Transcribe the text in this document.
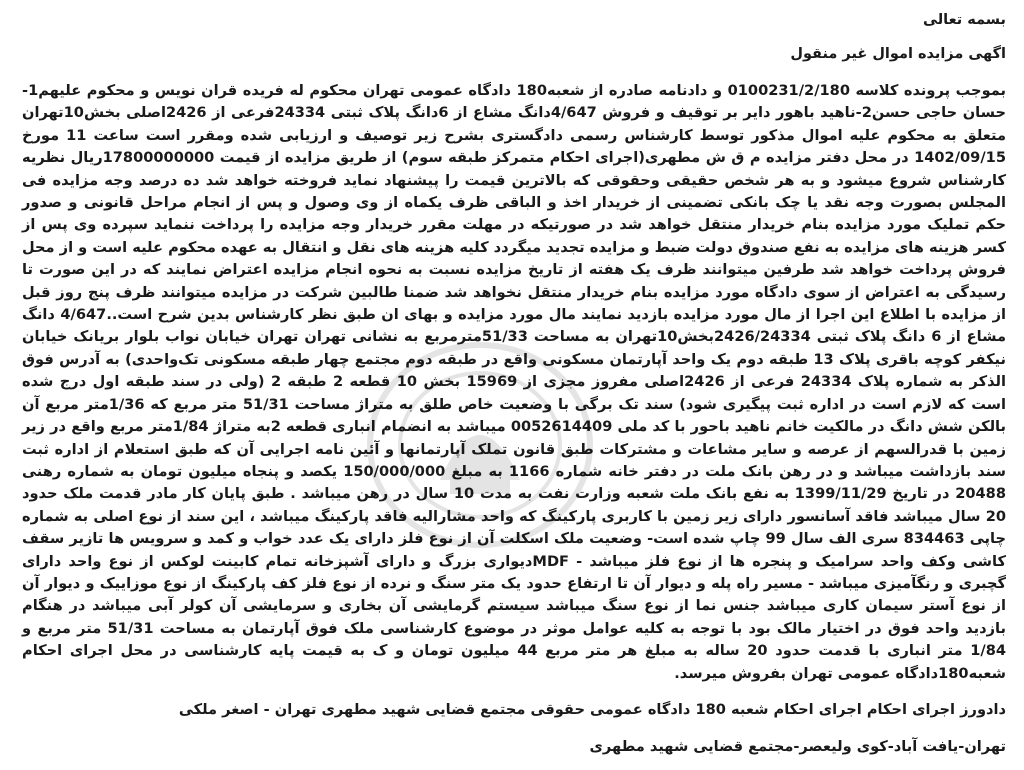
بسمه تعالی

اگهی مزایده اموال غیر منقول

بموجب پرونده کلاسه 0100231/2/180 و دادنامه صادره از شعبه180 دادگاه عمومی تهران محکوم له فریده قران نویس و محکوم علیهم1-حسان حاجی حسن2-ناهید باهور دایر بر توقیف و فروش 4/647دانگ مشاع از 6دانگ پلاک ثبتی 24334فرعی از 2426اصلی بخش10تهران متعلق به محکوم علیه اموال مذکور توسط کارشناس رسمی دادگستری بشرح زیر توصیف و ارزیابی شده ومقرر است ساعت 11 مورخ 1402/09/15 در محل دفتر مزایده م ق ش مطهری(اجرای احکام متمرکز طبقه سوم) از طریق مزایده از قیمت 17800000000ریال نظریه کارشناس شروع میشود و به هر شخص حقیقی وحقوقی که بالاترین قیمت را پیشنهاد نماید فروخته خواهد شد ده درصد وجه مزایده فی المجلس بصورت وجه نقد یا چک بانکی تضمینی از خریدار اخذ و الباقی ظرف یکماه از وی وصول و پس از انجام مراحل قانونی و صدور حکم تملیک مورد مزایده بنام خریدار منتقل خواهد شد در صورتیکه در مهلت مقرر خریدار وجه مزایده را پرداخت ننماید سپرده وی پس از کسر هزینه های مزایده به نفع صندوق دولت ضبط و مزایده تجدید میگردد کلیه هزینه های نقل و انتقال به عهده محکوم علیه است و از محل فروش پرداخت خواهد شد طرفین میتوانند ظرف یک هفته از تاریخ مزایده نسبت به نحوه انجام مزایده اعتراض نمایند که در این صورت تا رسیدگی به اعتراض از سوی دادگاه مورد مزایده بنام خریدار منتقل نخواهد شد ضمنا طالبین شرکت در مزایده میتوانند ظرف پنج روز قبل از مزایده با اطلاع این اجرا از مال مورد مزایده بازدید نمایند مال مورد مزایده و بهای ان طبق نظر کارشناس بدین شرح است..4/647 دانگ مشاع از 6 دانگ پلاک ثبتی 2426/24334بخش10تهران به مساحت 51/33مترمربع به نشانی تهران تهران خیابان نواب بلوار بریانک خیابان نیکفر کوچه باقری پلاک 13 طبقه دوم یک واحد آپارتمان مسکونی واقع در طبقه دوم مجتمع چهار طبقه مسکونی تک‌واحدی) به آدرس فوق الذکر به شماره پلاک 24334 فرعی از 2426اصلی مفروز مجزی از 15969 بخش 10 قطعه 2 طبقه 2 (ولی در سند طبقه اول درج شده است که لازم است در اداره ثبت پیگیری شود) سند تک برگی با وضعیت خاص طلق به متراژ مساحت 51/31 متر مربع که 1/36متر مربع آن بالکن شش دانگ در مالکیت خانم ناهید باحور با کد ملی 0052614409 میباشد به انضمام انباری قطعه 2به متراژ 1/84متر مربع واقع در زیر زمین با قدرالسهم از عرصه و سایر مشاعات و مشترکات طبق قانون تملک آپارتمانها و آئین نامه اجرایی آن که طبق استعلام از اداره ثبت سند بازداشت میباشد و در رهن بانک ملت در دفتر خانه شماره 1166 به مبلغ 150/000/000 یکصد و پنجاه میلیون تومان به شماره رهنی 20488 در تاریخ 1399/11/29 به نفع بانک ملت شعبه وزارت نفت به مدت 10 سال در رهن میباشد . طبق پایان کار مادر قدمت ملک حدود 20 سال میباشد فاقد آسانسور دارای زیر زمین با کاربری پارکینگ که واحد مشارالیه فاقد پارکینگ میباشد ، این سند از نوع اصلی به شماره چاپی 834463 سری الف سال 99 چاپ شده است- وضعیت ملک اسکلت آن از نوع فلز دارای یک عدد خواب و کمد و سرویس ها تازیر سقف کاشی وکف واحد سرامیک و پنجره ها از نوع فلز میباشد - MDFدیواری بزرگ و دارای آشپزخانه تمام کابینت لوکس از نوع واحد دارای گچبری و رنگآمیزی میباشد - مسیر راه پله و دیوار آن تا ارتفاع حدود یک متر سنگ و نرده از نوع فلز کف پارکینگ از نوع موزاییک و دیوار آن از نوع آستر سیمان کاری میباشد جنس نما از نوع سنگ میباشد سیستم گرمایشی آن بخاری و سرمایشی آن کولر آبی میباشد در هنگام بازدید واحد فوق در اختیار مالک بود با توجه به کلیه عوامل موثر در موضوع کارشناسی ملک فوق آپارتمان به مساحت 51/31 متر مربع و 1/84 متر انباری با قدمت حدود 20 ساله به مبلغ هر متر مربع 44 میلیون تومان و ک به قیمت پایه کارشناسی در محل اجرای احکام شعبه180دادگاه عمومی تهران بفروش میرسد.

دادورز اجرای احکام اجرای احکام شعبه 180 دادگاه عمومی حقوقی مجتمع قضایی شهید مطهری تهران - اصغر ملکی

تهران-یافت آباد-کوی ولیعصر-مجتمع قضایی شهید مطهری
